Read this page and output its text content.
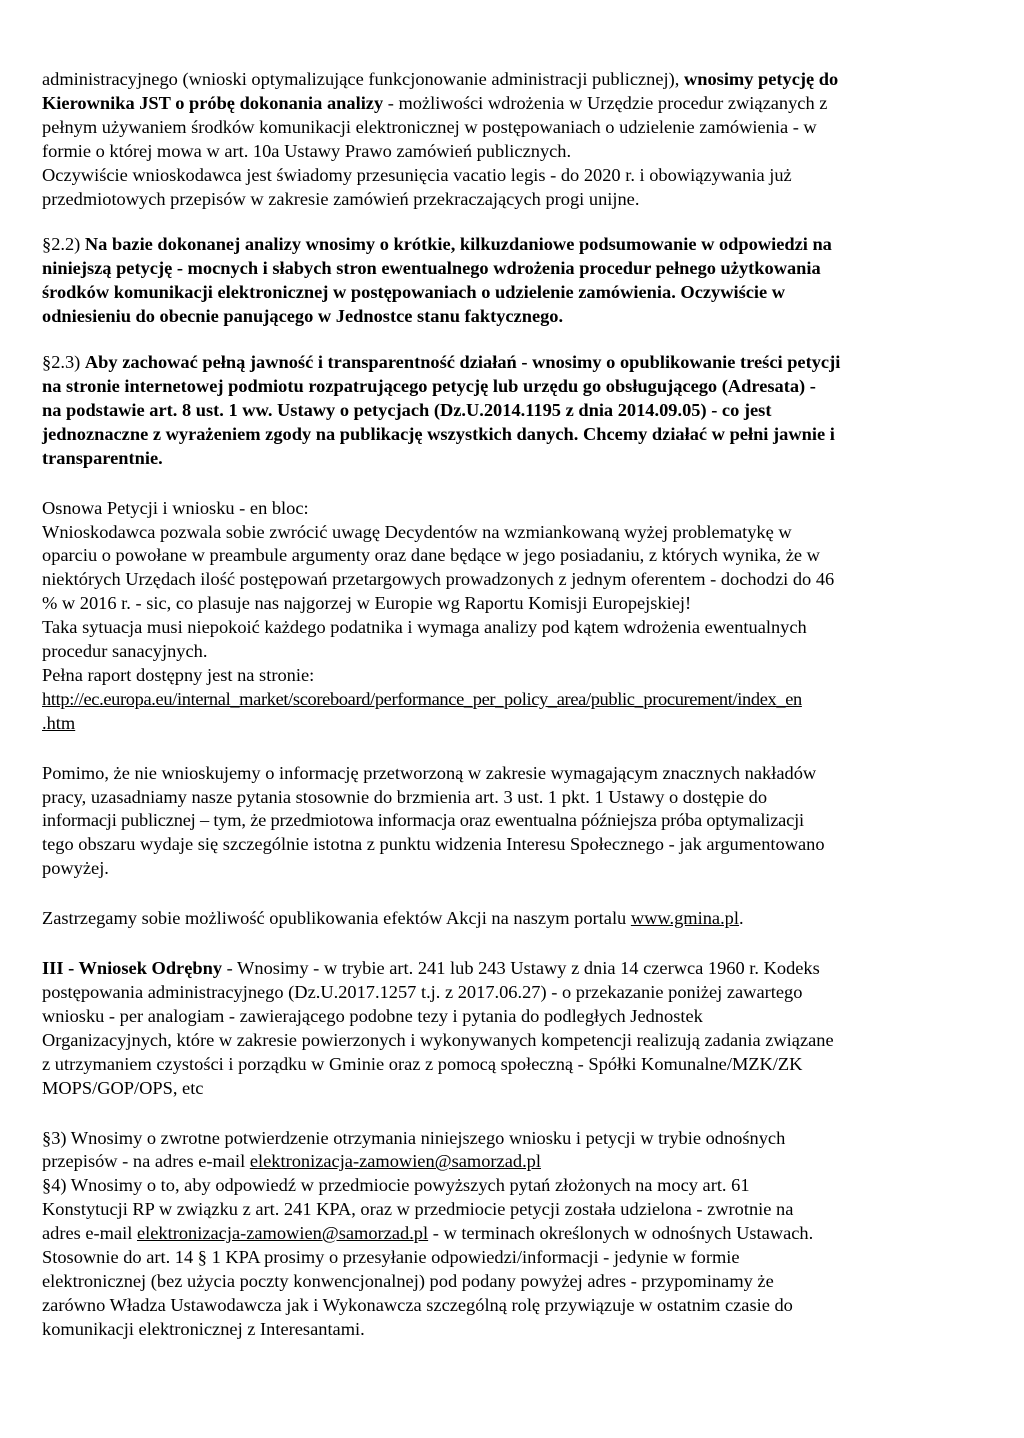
administracyjnego (wnioski optymalizujące funkcjonowanie administracji publicznej), wnosimy petycję do
Kierownika JST o próbę dokonania analizy - możliwości wdrożenia w Urzędzie procedur związanych z
pełnym używaniem środków komunikacji elektronicznej w postępowaniach o udzielenie zamówienia - w
formie o której mowa w art. 10a Ustawy Prawo zamówień publicznych.
Oczywiście wnioskodawca jest świadomy przesunięcia vacatio legis - do 2020 r. i obowiązywania już
przedmiotowych przepisów w zakresie zamówień przekraczających progi unijne.
§2.2) Na bazie dokonanej analizy wnosimy o krótkie, kilkuzdaniowe podsumowanie w odpowiedzi na
niniejszą petycję - mocnych i słabych stron ewentualnego wdrożenia procedur pełnego użytkowania
środków komunikacji elektronicznej w postępowaniach o udzielenie zamówienia. Oczywiście w
odniesieniu do obecnie panującego w Jednostce stanu faktycznego.
§2.3) Aby zachować pełną jawność i transparentność działań - wnosimy o opublikowanie treści petycji
na stronie internetowej podmiotu rozpatrującego petycję lub urzędu go obsługującego (Adresata) -
na podstawie art. 8 ust. 1 ww. Ustawy o petycjach (Dz.U.2014.1195 z dnia 2014.09.05) - co jest
jednoznaczne z wyrażeniem zgody na publikację wszystkich danych. Chcemy działać w pełni jawnie i
transparentnie.
Osnowa Petycji i wniosku - en bloc:
Wnioskodawca pozwala sobie zwrócić uwagę Decydentów na wzmiankowaną wyżej problematykę w
oparciu o powołane w preambule argumenty oraz dane będące w jego posiadaniu, z których wynika, że w
niektórych Urzędach ilość postępowań przetargowych prowadzonych z jednym oferentem - dochodzi do 46
% w 2016 r. - sic, co plasuje nas najgorzej w Europie wg Raportu Komisji Europejskiej!
Taka sytuacja musi niepokoić każdego podatnika i wymaga analizy pod kątem wdrożenia ewentualnych
procedur sanacyjnych.
Pełna raport dostępny jest na stronie:
http://ec.europa.eu/internal_market/scoreboard/performance_per_policy_area/public_procurement/index_en
.htm
Pomimo, że nie wnioskujemy o informację przetworzoną w zakresie wymagającym znacznych nakładów
pracy, uzasadniamy nasze pytania stosownie do brzmienia art. 3 ust. 1 pkt. 1 Ustawy o dostępie do
informacji publicznej – tym, że przedmiotowa informacja oraz ewentualna późniejsza próba optymalizacji
tego obszaru wydaje się szczególnie istotna z punktu widzenia Interesu Społecznego - jak argumentowano
powyżej.
Zastrzegamy sobie możliwość opublikowania efektów Akcji na naszym portalu www.gmina.pl.
III - Wniosek Odrębny - Wnosimy - w trybie art. 241 lub 243 Ustawy z dnia 14 czerwca 1960 r. Kodeks
postępowania administracyjnego (Dz.U.2017.1257 t.j. z 2017.06.27) - o przekazanie poniżej zawartego
wniosku - per analogiam - zawierającego podobne tezy i pytania do podległych Jednostek
Organizacyjnych, które w zakresie powierzonych i wykonywanych kompetencji realizują zadania związane
z utrzymaniem czystości i porządku w Gminie oraz z pomocą społeczną - Spółki Komunalne/MZK/ZK
MOPS/GOP/OPS, etc
§3) Wnosimy o zwrotne potwierdzenie otrzymania niniejszego wniosku i petycji w trybie odnośnych
przepisów - na adres e-mail elektronizacja-zamowien@samorzad.pl
§4) Wnosimy o to, aby odpowiedź w przedmiocie powyższych pytań złożonych na mocy art. 61
Konstytucji RP w związku z art. 241 KPA, oraz w przedmiocie petycji została udzielona - zwrotnie na
adres e-mail elektronizacja-zamowien@samorzad.pl - w terminach określonych w odnośnych Ustawach.
Stosownie do art. 14 § 1 KPA prosimy o przesyłanie odpowiedzi/informacji - jedynie w formie
elektronicznej (bez użycia poczty konwencjonalnej) pod podany powyżej adres - przypominamy że
zarówno Władza Ustawodawcza jak i Wykonawcza szczególną rolę przywiązuje w ostatnim czasie do
komunikacji elektronicznej z Interesantami.
